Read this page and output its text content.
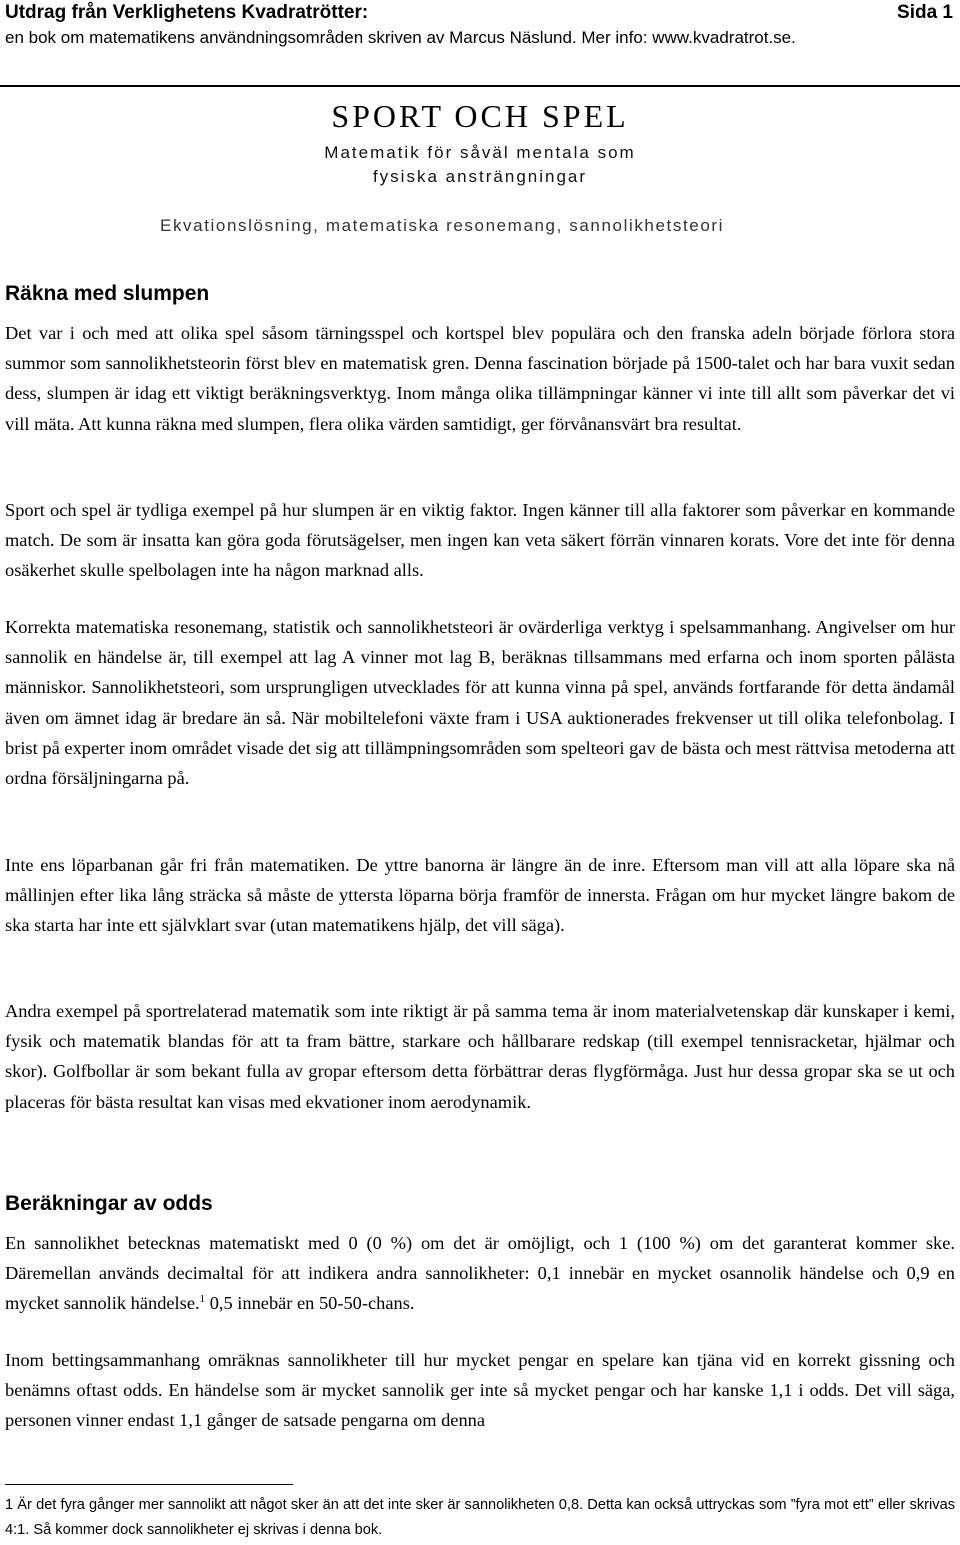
Utdrag från Verklighetens Kvadratrötter:	Sida 1
en bok om matematikens användningsområden skriven av Marcus Näslund. Mer info: www.kvadratrot.se.
SPORT OCH SPEL
Matematik för såväl mentala som
fysiska ansträngningar
Ekvationslösning, matematiska resonemang, sannolikhetsteori
Räkna med slumpen

Det var i och med att olika spel såsom tärningsspel och kortspel blev populära och den franska adeln började förlora stora summor som sannolikhetsteorin först blev en matematisk gren. Denna fascination började på 1500-talet och har bara vuxit sedan dess, slumpen är idag ett viktigt beräkningsverktyg. Inom många olika tillämpningar känner vi inte till allt som påverkar det vi vill mäta. Att kunna räkna med slumpen, flera olika värden samtidigt, ger förvånansvärt bra resultat.

Sport och spel är tydliga exempel på hur slumpen är en viktig faktor. Ingen känner till alla faktorer som påverkar en kommande match. De som är insatta kan göra goda förutsägelser, men ingen kan veta säkert förrän vinnaren korats. Vore det inte för denna osäkerhet skulle spelbolagen inte ha någon marknad alls.

Korrekta matematiska resonemang, statistik och sannolikhetsteori är ovärderliga verktyg i spelsammanhang. Angivelser om hur sannolik en händelse är, till exempel att lag A vinner mot lag B, beräknas tillsammans med erfarna och inom sporten pålästa människor. Sannolikhetsteori, som ursprungligen utvecklades för att kunna vinna på spel, används fortfarande för detta ändamål även om ämnet idag är bredare än så. När mobiltelefoni växte fram i USA auktionerades frekvenser ut till olika telefonbolag. I brist på experter inom området visade det sig att tillämpningsområden som spelteori gav de bästa och mest rättvisa metoderna att ordna försäljningarna på.

Inte ens löparbanan går fri från matematiken. De yttre banorna är längre än de inre. Eftersom man vill att alla löpare ska nå mållinjen efter lika lång sträcka så måste de yttersta löparna börja framför de innersta. Frågan om hur mycket längre bakom de ska starta har inte ett självklart svar (utan matematikens hjälp, det vill säga).

Andra exempel på sportrelaterad matematik som inte riktigt är på samma tema är inom materialvetenskap där kunskaper i kemi, fysik och matematik blandas för att ta fram bättre, starkare och hållbarare redskap (till exempel tennisracketar, hjälmar och skor). Golfbollar är som bekant fulla av gropar eftersom detta förbättrar deras flygförmåga. Just hur dessa gropar ska se ut och placeras för bästa resultat kan visas med ekvationer inom aerodynamik.

Beräkningar av odds

En sannolikhet betecknas matematiskt med 0 (0 %) om det är omöjligt, och 1 (100 %) om det garanterat kommer ske. Däremellan används decimaltal för att indikera andra sannolikheter: 0,1 innebär en mycket osannolik händelse och 0,9 en mycket sannolik händelse.$^1$ 0,5 innebär en 50-50-chans.

Inom bettingsammanhang omräknas sannolikheter till hur mycket pengar en spelare kan tjäna vid en korrekt gissning och benämns oftast odds. En händelse som är mycket sannolik ger inte så mycket pengar och har kanske 1,1 i odds. Det vill säga, personen vinner endast 1,1 gånger de satsade pengarna om denna

1 Är det fyra gånger mer sannolikt att något sker än att det inte sker är sannolikheten 0,8. Detta kan också uttryckas som ”fyra mot ett” eller skrivas 4:1. Så kommer dock sannolikheter ej skrivas i denna bok.
